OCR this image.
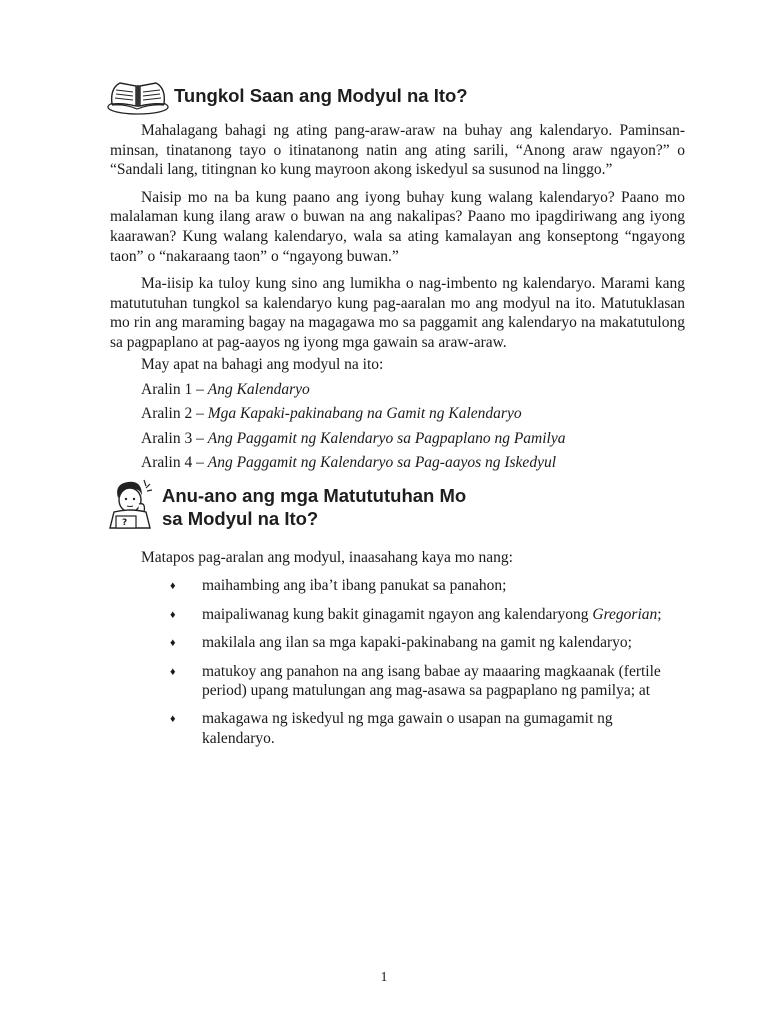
Tungkol Saan ang Modyul na Ito?

Mahalagang bahagi ng ating pang-araw-araw na buhay ang kalendaryo. Paminsan-minsan, tinatanong tayo o itinatanong natin ang ating sarili, “Anong araw ngayon?” o “Sandali lang, titingnan ko kung mayroon akong iskedyul sa susunod na linggo.”

Naisip mo na ba kung paano ang iyong buhay kung walang kalendaryo? Paano mo malalaman kung ilang araw o buwan na ang nakalipas? Paano mo ipagdiriwang ang iyong kaarawan? Kung walang kalendaryo, wala sa ating kamalayan ang konseptong “ngayong taon” o “nakaraang taon” o “ngayong buwan.”

Ma-iisip ka tuloy kung sino ang lumikha o nag-imbento ng kalendaryo. Marami kang matututuhan tungkol sa kalendaryo kung pag-aaralan mo ang modyul na ito. Matutuklasan mo rin ang maraming bagay na magagawa mo sa paggamit ang kalendaryo na makatutulong sa pagpaplano at pag-aayos ng iyong mga gawain sa araw-araw.

May apat na bahagi ang modyul na ito:
Aralin 1 – Ang Kalendaryo
Aralin 2 – Mga Kapaki-pakinabang na Gamit ng Kalendaryo
Aralin 3 – Ang Paggamit ng Kalendaryo sa Pagpaplano ng Pamilya
Aralin 4 – Ang Paggamit ng Kalendaryo sa Pag-aayos ng Iskedyul
?
Anu-ano ang mga Matututuhan Mo
sa Modyul na Ito?
Matapos pag-aralan ang modyul, inaasahang kaya mo nang:
♦	maihambing ang iba’t ibang panukat sa panahon;
♦	maipaliwanag kung bakit ginagamit ngayon ang kalendaryong Gregorian;
♦	makilala ang ilan sa mga kapaki-pakinabang na gamit ng kalendaryo;
♦	matukoy ang panahon na ang isang babae ay maaaring magkaanak (fertile period) upang matulungan ang mag-asawa sa pagpaplano ng pamilya; at
♦	makagawa ng iskedyul ng mga gawain o usapan na gumagamit ng kalendaryo.
1
